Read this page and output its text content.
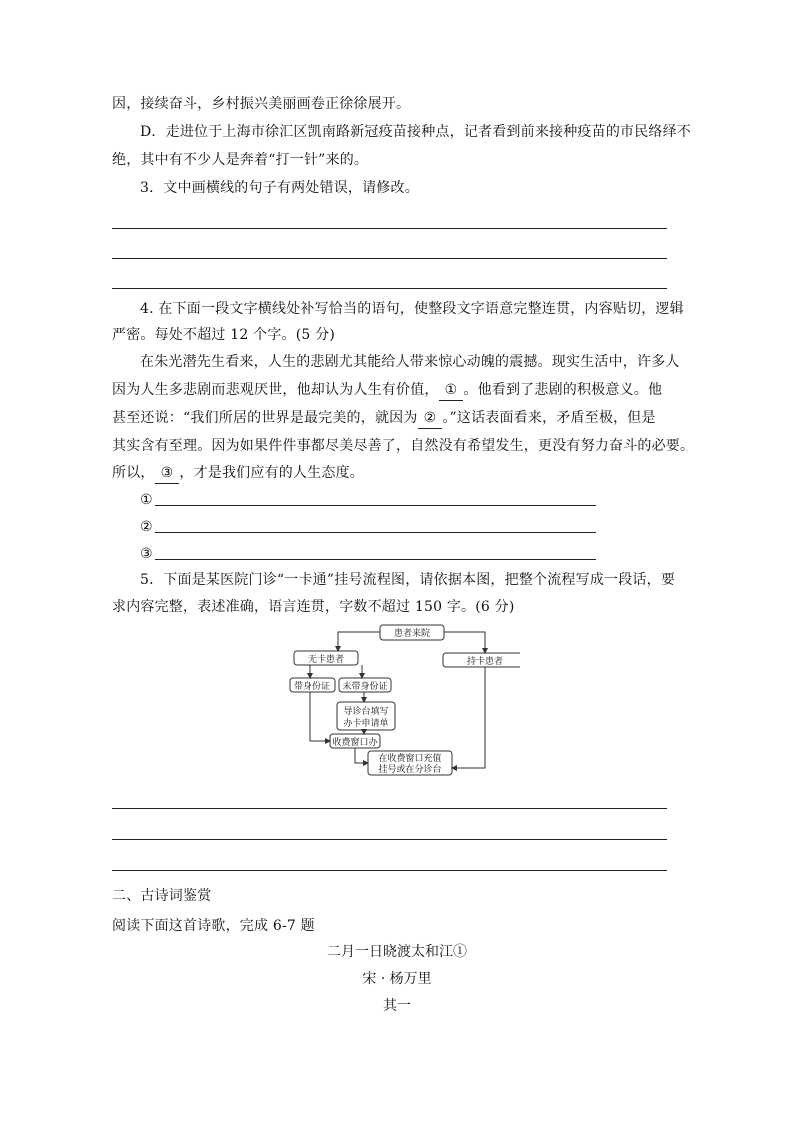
因，接续奋斗，乡村振兴美丽画卷正徐徐展开。
D．走进位于上海市徐汇区凯南路新冠疫苗接种点，记者看到前来接种疫苗的市民络绎不
绝，其中有不少人是奔着“打一针”来的。
3．文中画横线的句子有两处错误，请修改。
4. 在下面一段文字横线处补写恰当的语句，使整段文字语意完整连贯，内容贴切，逻辑
严密。每处不超过 12 个字。(5 分)
在朱光潜先生看来，人生的悲剧尤其能给人带来惊心动魄的震撼。现实生活中，许多人
因为人生多悲剧而悲观厌世，他却认为人生有价值， ① 。他看到了悲剧的积极意义。他
甚至还说：“我们所居的世界是最完美的，就因为 ② 。”这话表面看来，矛盾至极，但是
其实含有至理。因为如果件件事都尽美尽善了，自然没有希望发生，更没有努力奋斗的必要。
所以， ③ ，才是我们应有的人生态度。
①
②
③
5．下面是某医院门诊“一卡通”挂号流程图，请依据本图，把整个流程写成一段话，要
求内容完整，表述准确，语言连贯，字数不超过 150 字。(6 分)
患者来院
无卡患者	持卡患者
带身份证 未带身份证
导诊台填写
办卡申请单
收费窗口办
在收费窗口充值
挂号或在分诊台
二、古诗词鉴赏
阅读下面这首诗歌，完成 6-7 题
二月一日晓渡太和江①
宋 · 杨万里
其一
